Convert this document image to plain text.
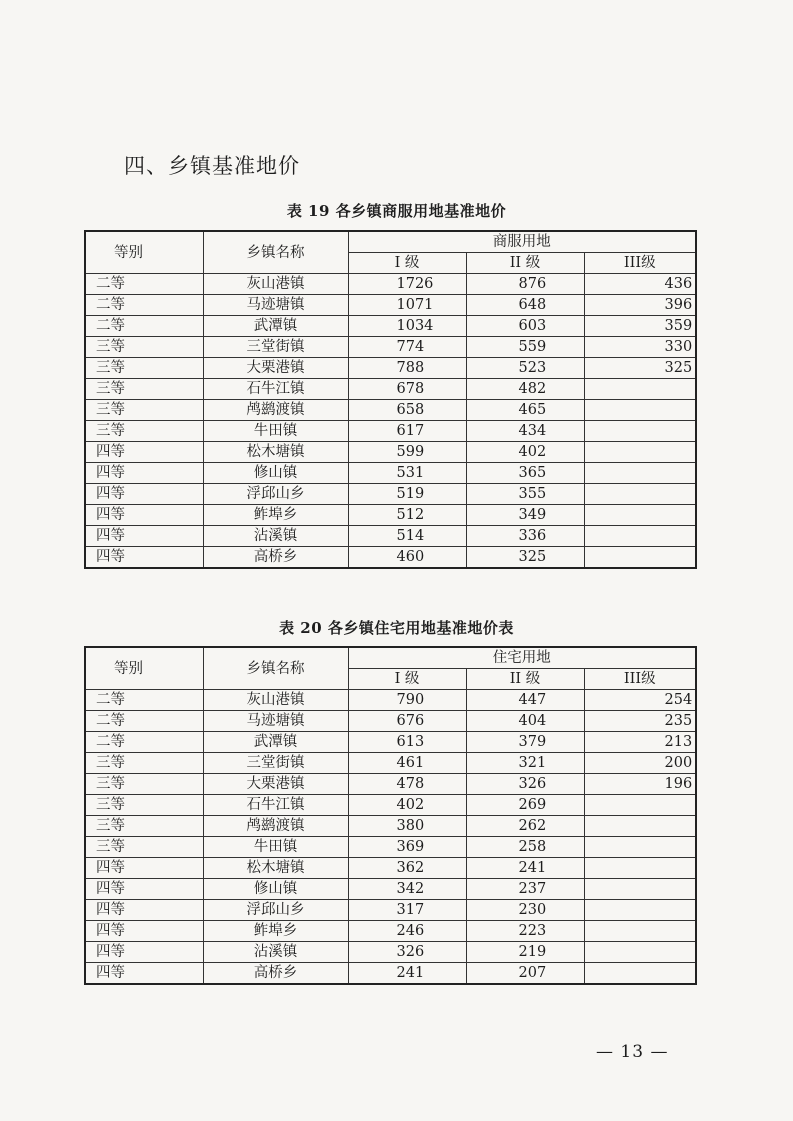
四、乡镇基准地价
表 19 各乡镇商服用地基准地价
等别	乡镇名称	商服用地		
		I 级	II 级	III级
二等	灰山港镇	1726	876	436
二等	马迹塘镇	1071	648	396
二等	武潭镇	1034	603	359
三等	三堂街镇	774	559	330
三等	大栗港镇	788	523	325
三等	石牛江镇	678	482	
三等	鸬鹚渡镇	658	465	
三等	牛田镇	617	434	
四等	松木塘镇	599	402	
四等	修山镇	531	365	
四等	浮邱山乡	519	355	
四等	鲊埠乡	512	349	
四等	沾溪镇	514	336	
四等	高桥乡	460	325	
表 20 各乡镇住宅用地基准地价表
等别	乡镇名称	住宅用地		
		I 级	II 级	III级
二等	灰山港镇	790	447	254
二等	马迹塘镇	676	404	235
二等	武潭镇	613	379	213
三等	三堂街镇	461	321	200
三等	大栗港镇	478	326	196
三等	石牛江镇	402	269	
三等	鸬鹚渡镇	380	262	
三等	牛田镇	369	258	
四等	松木塘镇	362	241	
四等	修山镇	342	237	
四等	浮邱山乡	317	230	
四等	鲊埠乡	246	223	
四等	沾溪镇	326	219	
四等	高桥乡	241	207	
— 13 —
